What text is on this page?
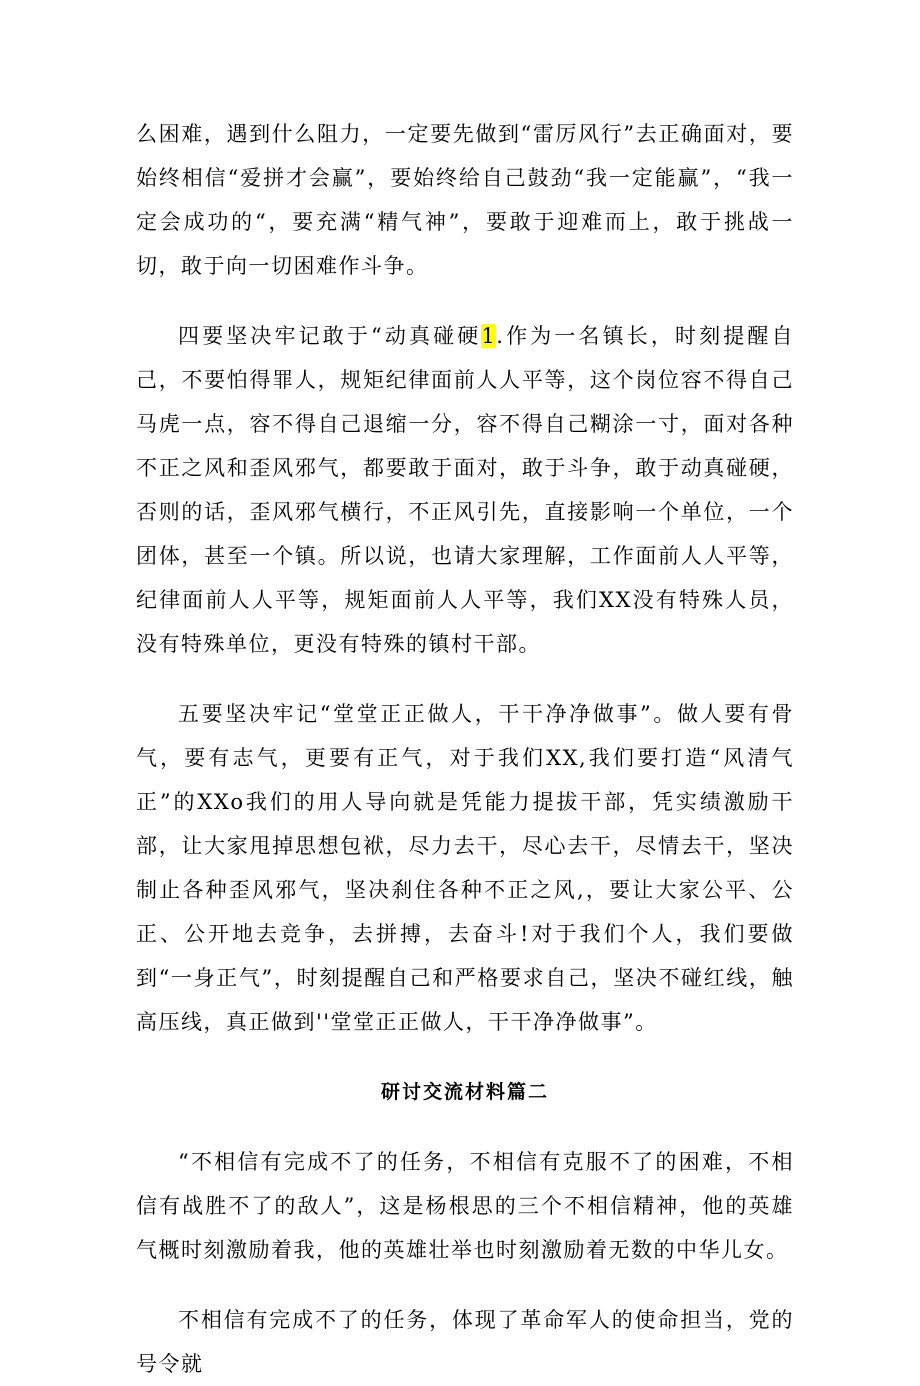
么困难，遇到什么阻力，一定要先做到“雷厉风行”去正确面对，要始终相信“爱拼才会赢”，要始终给自己鼓劲“我一定能赢”，“我一定会成功的“，要充满“精气神”，要敢于迎难而上，敢于挑战一切，敢于向一切困难作斗争。

四要坚决牢记敢于“动真碰硬1.作为一名镇长，时刻提醒自己，不要怕得罪人，规矩纪律面前人人平等，这个岗位容不得自己马虎一点，容不得自己退缩一分，容不得自己糊涂一寸，面对各种不正之风和歪风邪气，都要敢于面对，敢于斗争，敢于动真碰硬，否则的话，歪风邪气横行，不正风引先，直接影响一个单位，一个团体，甚至一个镇。所以说，也请大家理解，工作面前人人平等，纪律面前人人平等，规矩面前人人平等，我们XX没有特殊人员，没有特殊单位，更没有特殊的镇村干部。

五要坚决牢记“堂堂正正做人，干干净净做事”。做人要有骨气，要有志气，更要有正气，对于我们XX,我们要打造“风清气正”的XXo我们的用人导向就是凭能力提拔干部，凭实绩激励干部，让大家甩掉思想包袱，尽力去干，尽心去干，尽情去干，坚决制止各种歪风邪气，坚决刹住各种不正之风,，要让大家公平、公正、公开地去竞争，去拼搏，去奋斗!对于我们个人，我们要做到“一身正气”，时刻提醒自己和严格要求自己，坚决不碰红线，触高压线，真正做到''堂堂正正做人，干干净净做事”。

研讨交流材料篇二

“不相信有完成不了的任务，不相信有克服不了的困难，不相信有战胜不了的敌人”，这是杨根思的三个不相信精神，他的英雄气概时刻激励着我，他的英雄壮举也时刻激励着无数的中华儿女。

不相信有完成不了的任务，体现了革命军人的使命担当，党的号令就
